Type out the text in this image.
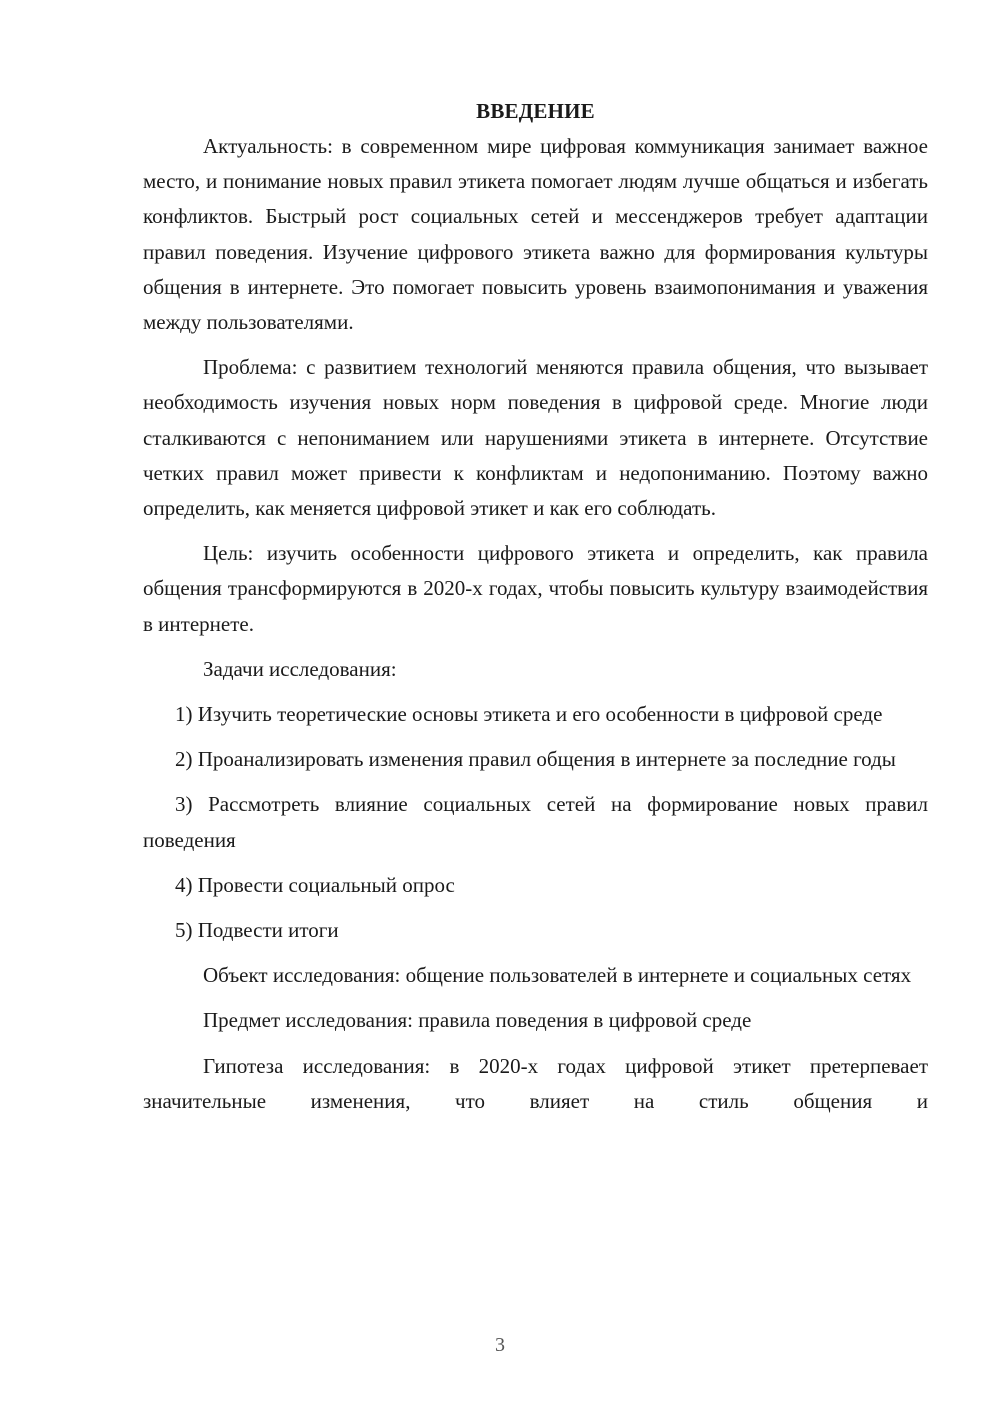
ВВЕДЕНИЕ

Актуальность: в современном мире цифровая коммуникация занимает важное место, и понимание новых правил этикета помогает людям лучше общаться и избегать конфликтов. Быстрый рост социальных сетей и мессенджеров требует адаптации правил поведения. Изучение цифрового этикета важно для формирования культуры общения в интернете. Это помогает повысить уровень взаимопонимания и уважения между пользователями.

Проблема: с развитием технологий меняются правила общения, что вызывает необходимость изучения новых норм поведения в цифровой среде. Многие люди сталкиваются с непониманием или нарушениями этикета в интернете. Отсутствие четких правил может привести к конфликтам и недопониманию. Поэтому важно определить, как меняется цифровой этикет и как его соблюдать.

Цель: изучить особенности цифрового этикета и определить, как правила общения трансформируются в 2020-х годах, чтобы повысить культуру взаимодействия в интернете.

Задачи исследования:

1) Изучить теоретические основы этикета и его особенности в цифровой среде

2) Проанализировать изменения правил общения в интернете за последние годы

3) Рассмотреть влияние социальных сетей на формирование новых правил поведения

4) Провести социальный опрос

5) Подвести итоги

Объект исследования: общение пользователей в интернете и социальных сетях

Предмет исследования: правила поведения в цифровой среде

Гипотеза исследования: в 2020-х годах цифровой этикет претерпевает значительные изменения, что влияет на стиль общения и

3
